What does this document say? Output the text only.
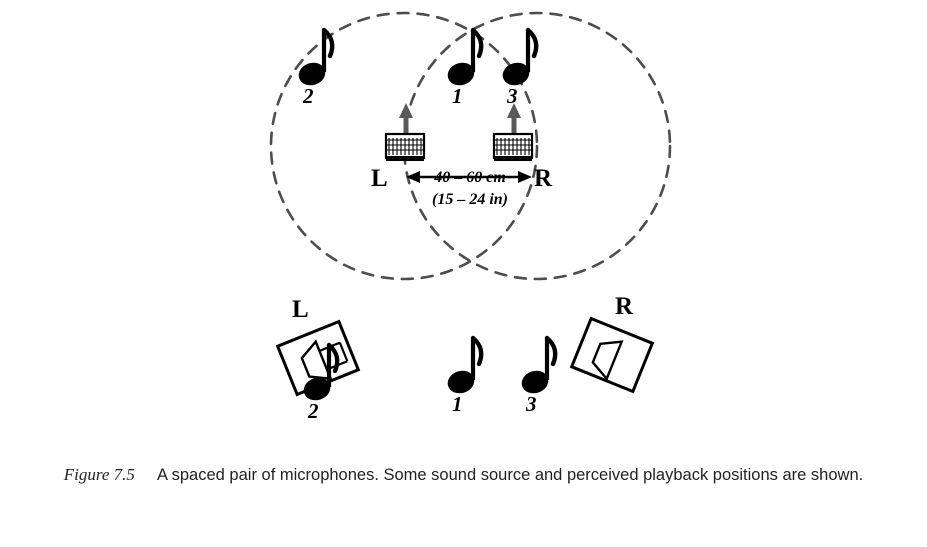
L	R
40 – 60 cm
(15 – 24 in)
2	1 3
L	R
2	1	3
Figure 7.5 A spaced pair of microphones. Some sound source and perceived playback positions are shown.
